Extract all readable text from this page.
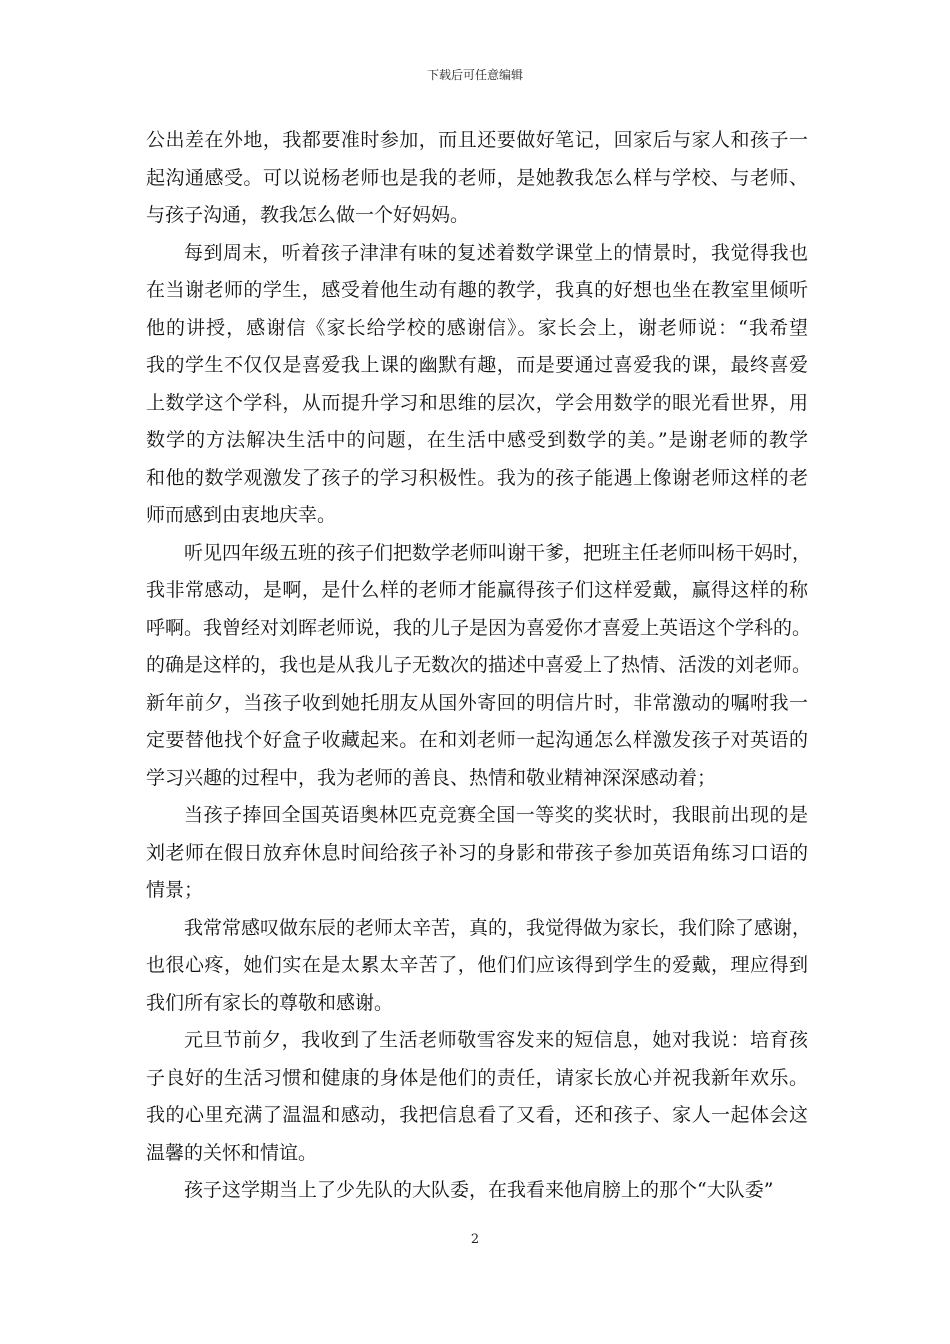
下载后可任意编辑
公出差在外地，我都要准时参加，而且还要做好笔记，回家后与家人和孩子一
起沟通感受。可以说杨老师也是我的老师，是她教我怎么样与学校、与老师、
与孩子沟通，教我怎么做一个好妈妈。
每到周末，听着孩子津津有味的复述着数学课堂上的情景时，我觉得我也
在当谢老师的学生，感受着他生动有趣的教学，我真的好想也坐在教室里倾听
他的讲授，感谢信《家长给学校的感谢信》。家长会上，谢老师说：“我希望
我的学生不仅仅是喜爱我上课的幽默有趣，而是要通过喜爱我的课，最终喜爱
上数学这个学科，从而提升学习和思维的层次，学会用数学的眼光看世界，用
数学的方法解决生活中的问题，在生活中感受到数学的美。”是谢老师的教学
和他的数学观激发了孩子的学习积极性。我为的孩子能遇上像谢老师这样的老
师而感到由衷地庆幸。
听见四年级五班的孩子们把数学老师叫谢干爹，把班主任老师叫杨干妈时，
我非常感动，是啊，是什么样的老师才能赢得孩子们这样爱戴，赢得这样的称
呼啊。我曾经对刘晖老师说，我的儿子是因为喜爱你才喜爱上英语这个学科的。
的确是这样的，我也是从我儿子无数次的描述中喜爱上了热情、活泼的刘老师。
新年前夕，当孩子收到她托朋友从国外寄回的明信片时，非常激动的嘱咐我一
定要替他找个好盒子收藏起来。在和刘老师一起沟通怎么样激发孩子对英语的
学习兴趣的过程中，我为老师的善良、热情和敬业精神深深感动着；
当孩子捧回全国英语奥林匹克竞赛全国一等奖的奖状时，我眼前出现的是
刘老师在假日放弃休息时间给孩子补习的身影和带孩子参加英语角练习口语的
情景；
我常常感叹做东辰的老师太辛苦，真的，我觉得做为家长，我们除了感谢，
也很心疼，她们实在是太累太辛苦了，他们们应该得到学生的爱戴，理应得到
我们所有家长的尊敬和感谢。
元旦节前夕，我收到了生活老师敬雪容发来的短信息，她对我说：培育孩
子良好的生活习惯和健康的身体是他们的责任，请家长放心并祝我新年欢乐。
我的心里充满了温温和感动，我把信息看了又看，还和孩子、家人一起体会这
温馨的关怀和情谊。
孩子这学期当上了少先队的大队委，在我看来他肩膀上的那个“大队委”
2
